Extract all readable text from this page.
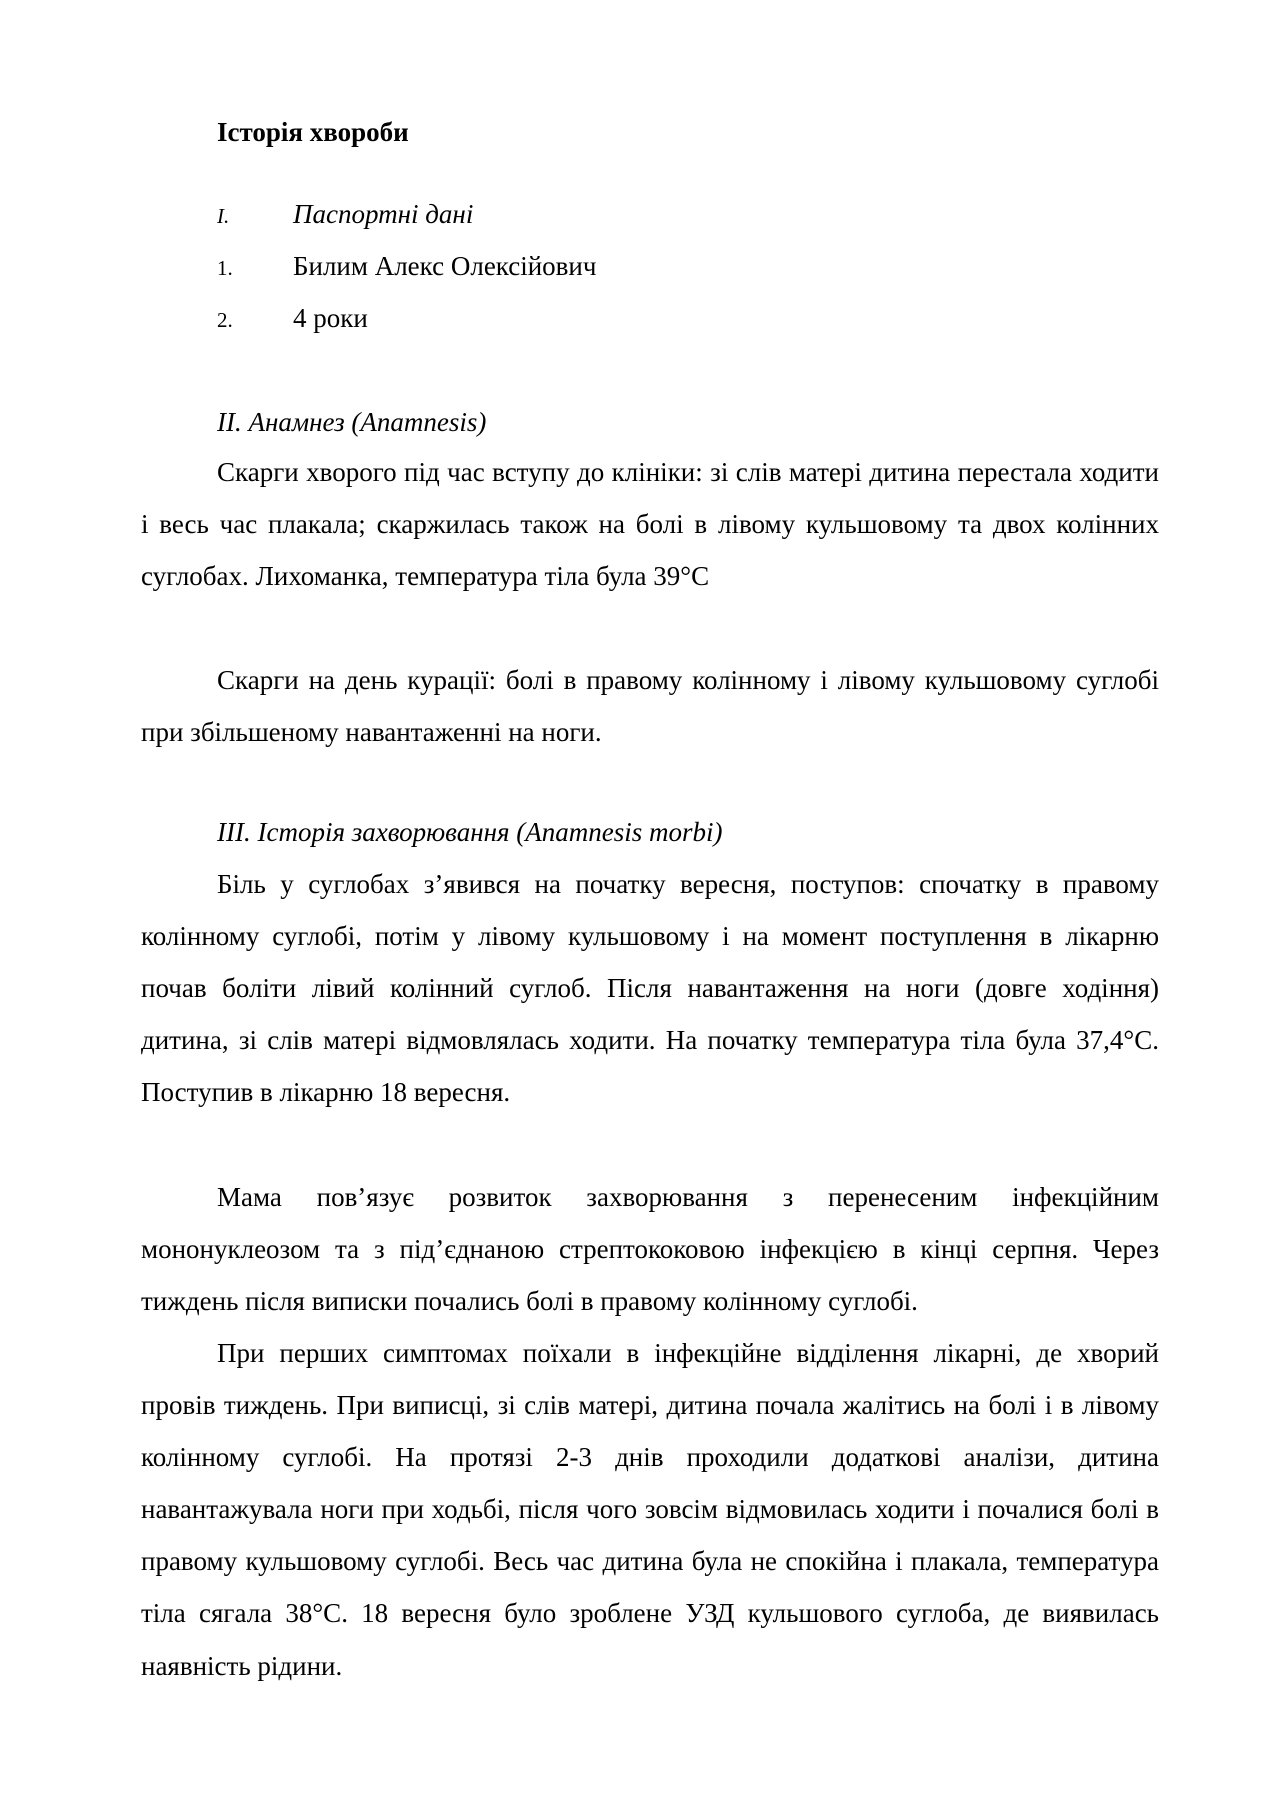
Історія хвороби
I. Паспортні дані
1. Билим Алекс Олексійович
2. 4 роки
II. Анамнез (Anamnesis)

Скарги хворого під час вступу до клініки: зі слів матері дитина перестала ходити і весь час плакала; скаржилась також на болі в лівому кульшовому та двох колінних суглобах. Лихоманка, температура тіла була 39°С

Скарги на день курації: болі в правому колінному і лівому кульшовому суглобі при збільшеному навантаженні на ноги.

III. Історія захворювання (Anamnesis morbi)

Біль у суглобах з’явився на початку вересня, поступов: спочатку в правому колінному суглобі, потім у лівому кульшовому і на момент поступлення в лікарню почав боліти лівий колінний суглоб. Після навантаження на ноги (довге ходіння) дитина, зі слів матері відмовлялась ходити. На початку температура тіла була 37,4°С. Поступив в лікарню 18 вересня.

Мама пов’язує розвиток захворювання з перенесеним інфекційним мононуклеозом та з під’єднаною стрептококовою інфекцією в кінці серпня. Через тиждень після виписки почались болі в правому колінному суглобі.

При перших симптомах поїхали в інфекційне відділення лікарні, де хворий провів тиждень. При виписці, зі слів матері, дитина почала жалітись на болі і в лівому колінному суглобі. На протязі 2-3 днів проходили додаткові аналізи, дитина навантажувала ноги при ходьбі, після чого зовсім відмовилась ходити і почалися болі в правому кульшовому суглобі. Весь час дитина була не спокійна і плакала, температура тіла сягала 38°С. 18 вересня було зроблене УЗД кульшового суглоба, де виявилась наявність рідини.
